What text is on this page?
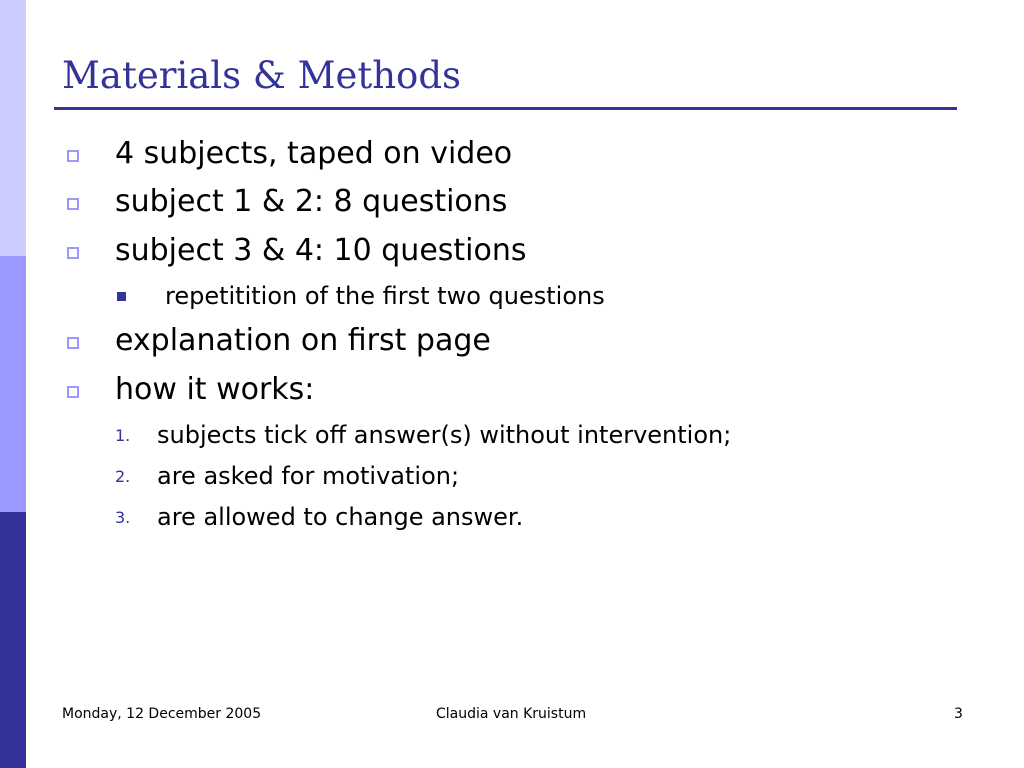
Materials & Methods
4 subjects, taped on video
subject 1 & 2: 8 questions
subject 3 & 4: 10 questions
repetitition of the first two questions
explanation on first page
how it works:
1. subjects tick off answer(s) without intervention;
2. are asked for motivation;
3. are allowed to change answer.
Monday, 12 December 2005	Claudia van Kruistum	3
